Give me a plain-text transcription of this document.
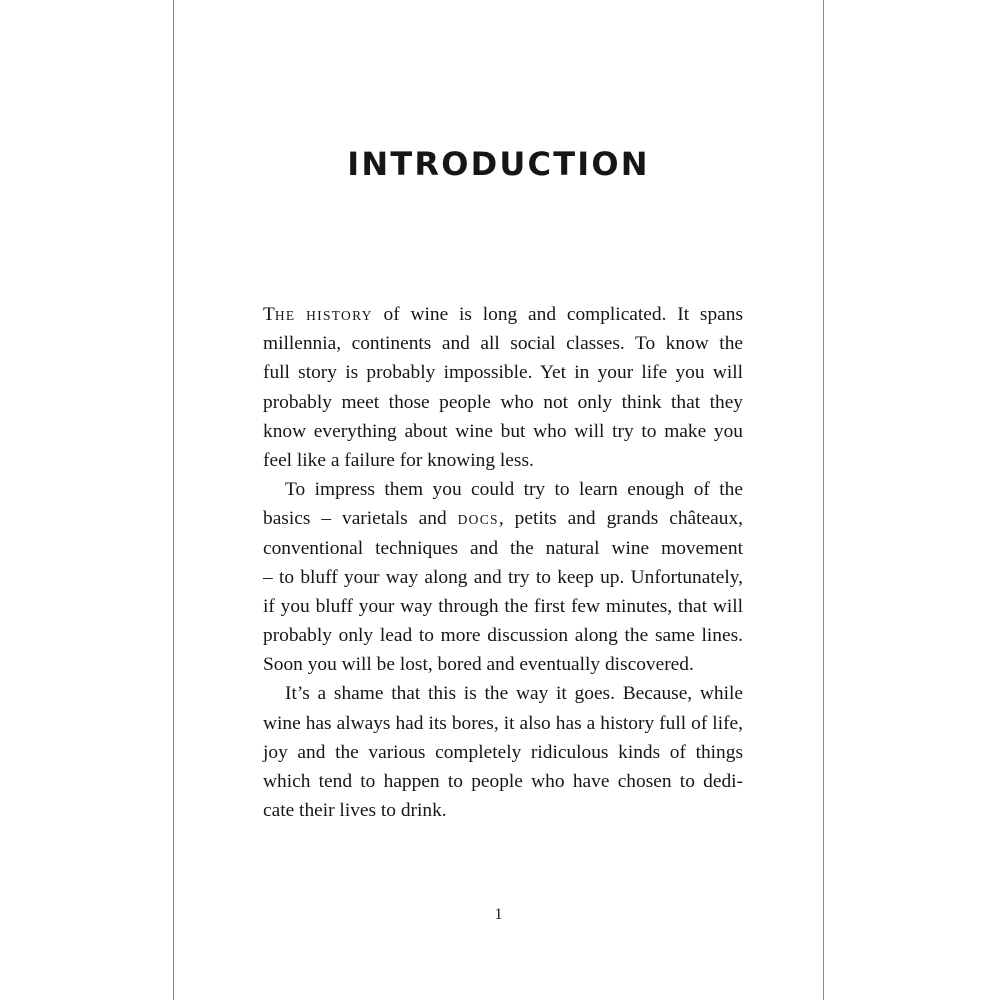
INTRODUCTION
THE HISTORY of wine is long and complicated. It spans
millennia, continents and all social classes. To know the
full story is probably impossible. Yet in your life you will
probably meet those people who not only think that they
know everything about wine but who will try to make you
feel like a failure for knowing less.
To impress them you could try to learn enough of the
basics – varietals and DOCS, petits and grands châteaux,
conventional techniques and the natural wine movement
– to bluff your way along and try to keep up. Unfortunately,
if you bluff your way through the first few minutes, that will
probably only lead to more discussion along the same lines.
Soon you will be lost, bored and eventually discovered.
It’s a shame that this is the way it goes. Because, while
wine has always had its bores, it also has a history full of life,
joy and the various completely ridiculous kinds of things
which tend to happen to people who have chosen to dedi-
cate their lives to drink.
1
